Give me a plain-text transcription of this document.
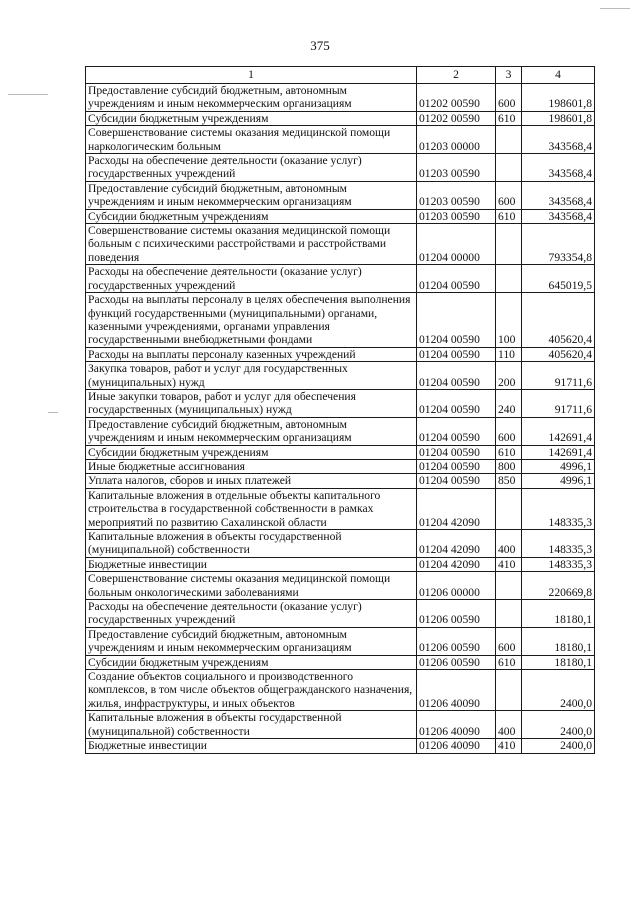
375
1	2	3	4
Предоставление субсидий бюджетным, автономным учреждениям и иным некоммерческим организациям	01202 00590	600	198601,8
Субсидии бюджетным учреждениям	01202 00590	610	198601,8
Совершенствование системы оказания медицинской помощи наркологическим больным	01203 00000		343568,4
Расходы на обеспечение деятельности (оказание услуг) государственных учреждений	01203 00590		343568,4
Предоставление субсидий бюджетным, автономным учреждениям и иным некоммерческим организациям	01203 00590	600	343568,4
Субсидии бюджетным учреждениям	01203 00590	610	343568,4
Совершенствование системы оказания медицинской помощи больным с психическими расстройствами и расстройствами поведения	01204 00000		793354,8
Расходы на обеспечение деятельности (оказание услуг) государственных учреждений	01204 00590		645019,5
Расходы на выплаты персоналу в целях обеспечения выполнения функций государственными (муниципальными) органами, казенными учреждениями, органами управления государственными внебюджетными фондами	01204 00590	100	405620,4
Расходы на выплаты персоналу казенных учреждений	01204 00590	110	405620,4
Закупка товаров, работ и услуг для государственных (муниципальных) нужд	01204 00590	200	91711,6
Иные закупки товаров, работ и услуг для обеспечения государственных (муниципальных) нужд	01204 00590	240	91711,6
Предоставление субсидий бюджетным, автономным учреждениям и иным некоммерческим организациям	01204 00590	600	142691,4
Субсидии бюджетным учреждениям	01204 00590	610	142691,4
Иные бюджетные ассигнования	01204 00590	800	4996,1
Уплата налогов, сборов и иных платежей	01204 00590	850	4996,1
Капитальные вложения в отдельные объекты капитального строительства в государственной собственности в рамках мероприятий по развитию Сахалинской области	01204 42090		148335,3
Капитальные вложения в объекты государственной (муниципальной) собственности	01204 42090	400	148335,3
Бюджетные инвестиции	01204 42090	410	148335,3
Совершенствование системы оказания медицинской помощи больным онкологическими заболеваниями	01206 00000		220669,8
Расходы на обеспечение деятельности (оказание услуг) государственных учреждений	01206 00590		18180,1
Предоставление субсидий бюджетным, автономным учреждениям и иным некоммерческим организациям	01206 00590	600	18180,1
Субсидии бюджетным учреждениям	01206 00590	610	18180,1
Создание объектов социального и производственного комплексов, в том числе объектов общегражданского назначения, жилья, инфраструктуры, и иных объектов	01206 40090		2400,0
Капитальные вложения в объекты государственной (муниципальной) собственности	01206 40090	400	2400,0
Бюджетные инвестиции	01206 40090	410	2400,0
